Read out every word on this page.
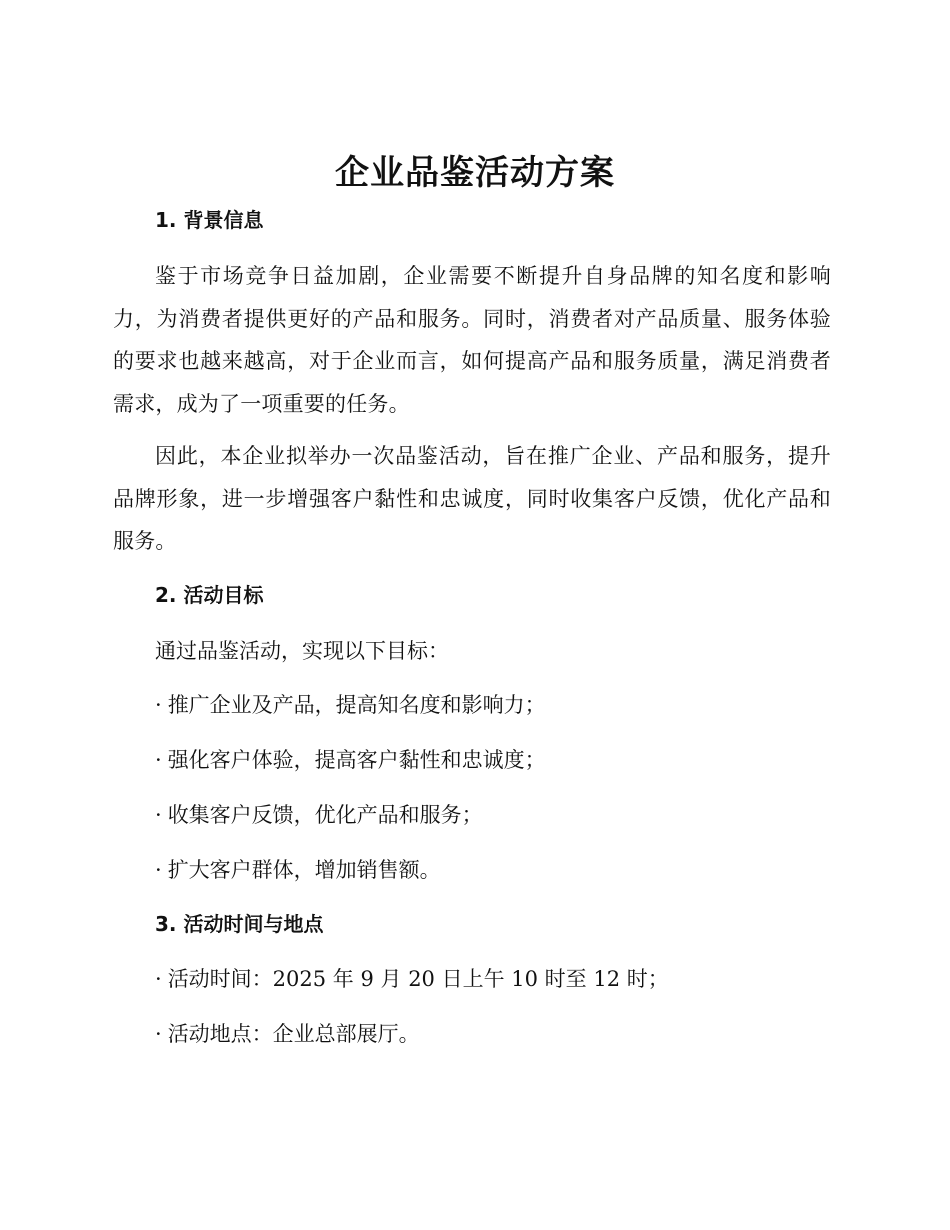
企业品鉴活动方案
1. 背景信息

鉴于市场竞争日益加剧，企业需要不断提升自身品牌的知名度和影响力，为消费者提供更好的产品和服务。同时，消费者对产品质量、服务体验的要求也越来越高，对于企业而言，如何提高产品和服务质量，满足消费者需求，成为了一项重要的任务。

因此，本企业拟举办一次品鉴活动，旨在推广企业、产品和服务，提升品牌形象，进一步增强客户黏性和忠诚度，同时收集客户反馈，优化产品和服务。

2. 活动目标

通过品鉴活动，实现以下目标：

· 推广企业及产品，提高知名度和影响力；

· 强化客户体验，提高客户黏性和忠诚度；

· 收集客户反馈，优化产品和服务；

· 扩大客户群体，增加销售额。

3. 活动时间与地点

· 活动时间：2025 年 9 月 20 日上午 10 时至 12 时；

· 活动地点：企业总部展厅。
